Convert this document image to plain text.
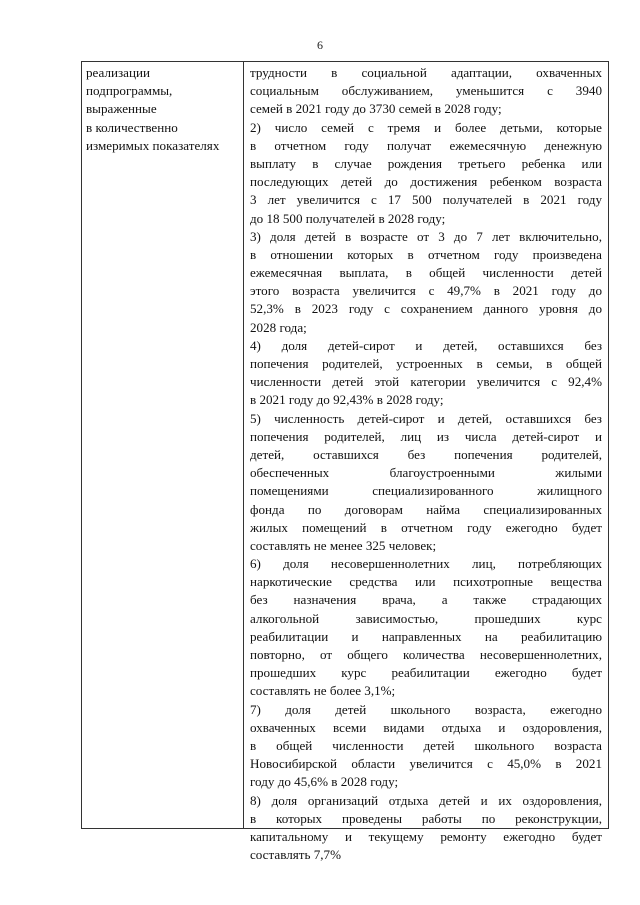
6
реализации
подпрограммы,
выраженные
в количественно
измеримых показателях
трудности в социальной адаптации, охваченных
социальным обслуживанием, уменьшится с 3940
семей в 2021 году до 3730 семей в 2028 году;
2) число семей с тремя и более детьми, которые
в отчетном году получат ежемесячную денежную
выплату в случае рождения третьего ребенка или
последующих детей до достижения ребенком возраста
3 лет увеличится с 17 500 получателей в 2021 году
до 18 500 получателей в 2028 году;
3) доля детей в возрасте от 3 до 7 лет включительно,
в отношении которых в отчетном году произведена
ежемесячная выплата, в общей численности детей
этого возраста увеличится с 49,7% в 2021 году до
52,3% в 2023 году с сохранением данного уровня до
2028 года;
4) доля детей-сирот и детей, оставшихся без
попечения родителей, устроенных в семьи, в общей
численности детей этой категории увеличится с 92,4%
в 2021 году до 92,43% в 2028 году;
5) численность детей-сирот и детей, оставшихся без
попечения родителей, лиц из числа детей-сирот и
детей, оставшихся без попечения родителей,
обеспеченных благоустроенными жилыми
помещениями специализированного жилищного
фонда по договорам найма специализированных
жилых помещений в отчетном году ежегодно будет
составлять не менее 325 человек;
6) доля несовершеннолетних лиц, потребляющих
наркотические средства или психотропные вещества
без назначения врача, а также страдающих
алкогольной зависимостью, прошедших курс
реабилитации и направленных на реабилитацию
повторно, от общего количества несовершеннолетних,
прошедших курс реабилитации ежегодно будет
составлять не более 3,1%;
7) доля детей школьного возраста, ежегодно
охваченных всеми видами отдыха и оздоровления,
в общей численности детей школьного возраста
Новосибирской области увеличится с 45,0% в 2021
году до 45,6% в 2028 году;
8) доля организаций отдыха детей и их оздоровления,
в которых проведены работы по реконструкции,
капитальному и текущему ремонту ежегодно будет
составлять 7,7%
